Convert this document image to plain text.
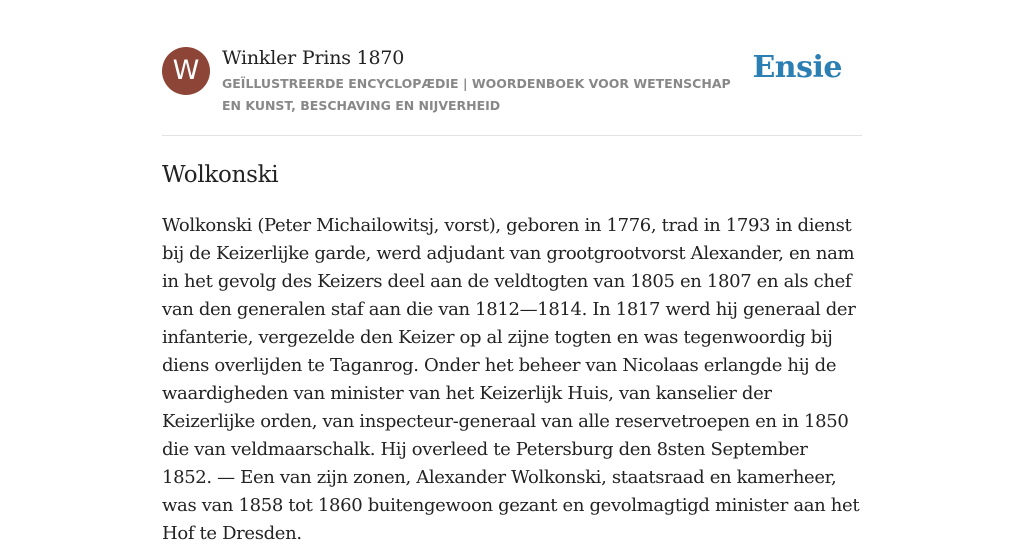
W	Winkler Prins 1870
GEÏLLUSTREERDE ENCYCLOPÆDIE | WOORDENBOEK VOOR WETENSCHAP EN KUNST, BESCHAVING EN NIJVERHEID
Ensie
Wolkonski

Wolkonski (Peter Michailowitsj, vorst), geboren in 1776, trad in 1793 in dienst bij de Keizerlijke garde, werd adjudant van grootgrootvorst Alexander, en nam in het gevolg des Keizers deel aan de veldtogten van 1805 en 1807 en als chef van den generalen staf aan die van 1812—1814. In 1817 werd hij generaal der infanterie, vergezelde den Keizer op al zijne togten en was tegenwoordig bij diens overlijden te Taganrog. Onder het beheer van Nicolaas erlangde hij de waardigheden van minister van het Keizerlijk Huis, van kanselier der Keizerlijke orden, van inspecteur-generaal van alle reservetroepen en in 1850 die van veldmaarschalk. Hij overleed te Petersburg den 8sten September 1852. — Een van zijn zonen, Alexander Wolkonski, staatsraad en kamerheer, was van 1858 tot 1860 buitengewoon gezant en gevolmagtigd minister aan het Hof te Dresden.
